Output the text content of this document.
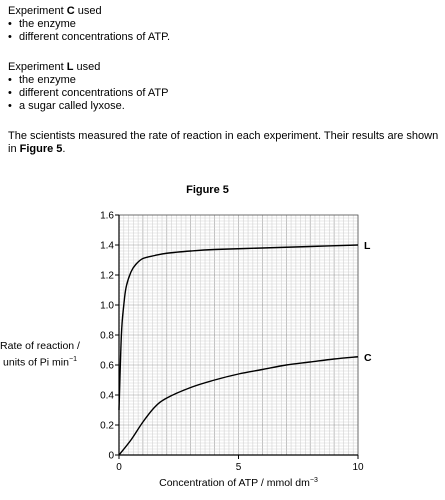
Experiment C used
• the enzyme
• different concentrations of ATP.
Experiment L used
• the enzyme
• different concentrations of ATP
• a sugar called lyxose.
The scientists measured the rate of reaction in each experiment. Their results are shown in Figure 5.
Figure 5
0
0.2
0.4
0.6
0.8
1.0
1.2
1.4
1.6
0	5	10
Concentration of ATP / mmol $dm^{-3}$
L
C
Rate of reaction /
units of Pi $\min^{-1}$
